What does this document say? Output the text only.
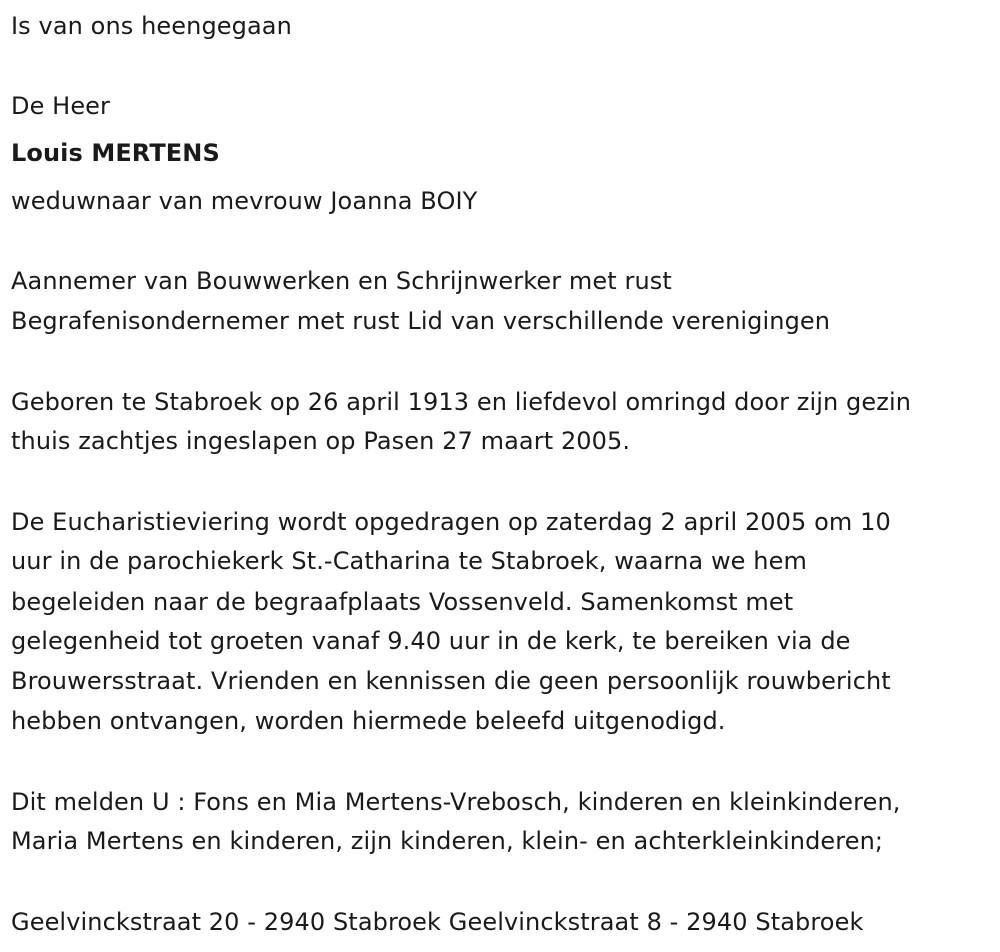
Is van ons heengegaan
De Heer
Louis MERTENS
weduwnaar van mevrouw Joanna BOIY
Aannemer van Bouwwerken en Schrijnwerker met rust
Begrafenisondernemer met rust Lid van verschillende verenigingen
Geboren te Stabroek op 26 april 1913 en liefdevol omringd door zijn gezin
thuis zachtjes ingeslapen op Pasen 27 maart 2005.
De Eucharistieviering wordt opgedragen op zaterdag 2 april 2005 om 10
uur in de parochiekerk St.-Catharina te Stabroek, waarna we hem
begeleiden naar de begraafplaats Vossenveld. Samenkomst met
gelegenheid tot groeten vanaf 9.40 uur in de kerk, te bereiken via de
Brouwersstraat. Vrienden en kennissen die geen persoonlijk rouwbericht
hebben ontvangen, worden hiermede beleefd uitgenodigd.
Dit melden U : Fons en Mia Mertens-Vrebosch, kinderen en kleinkinderen,
Maria Mertens en kinderen, zijn kinderen, klein- en achterkleinkinderen;
Geelvinckstraat 20 - 2940 Stabroek Geelvinckstraat 8 - 2940 Stabroek
